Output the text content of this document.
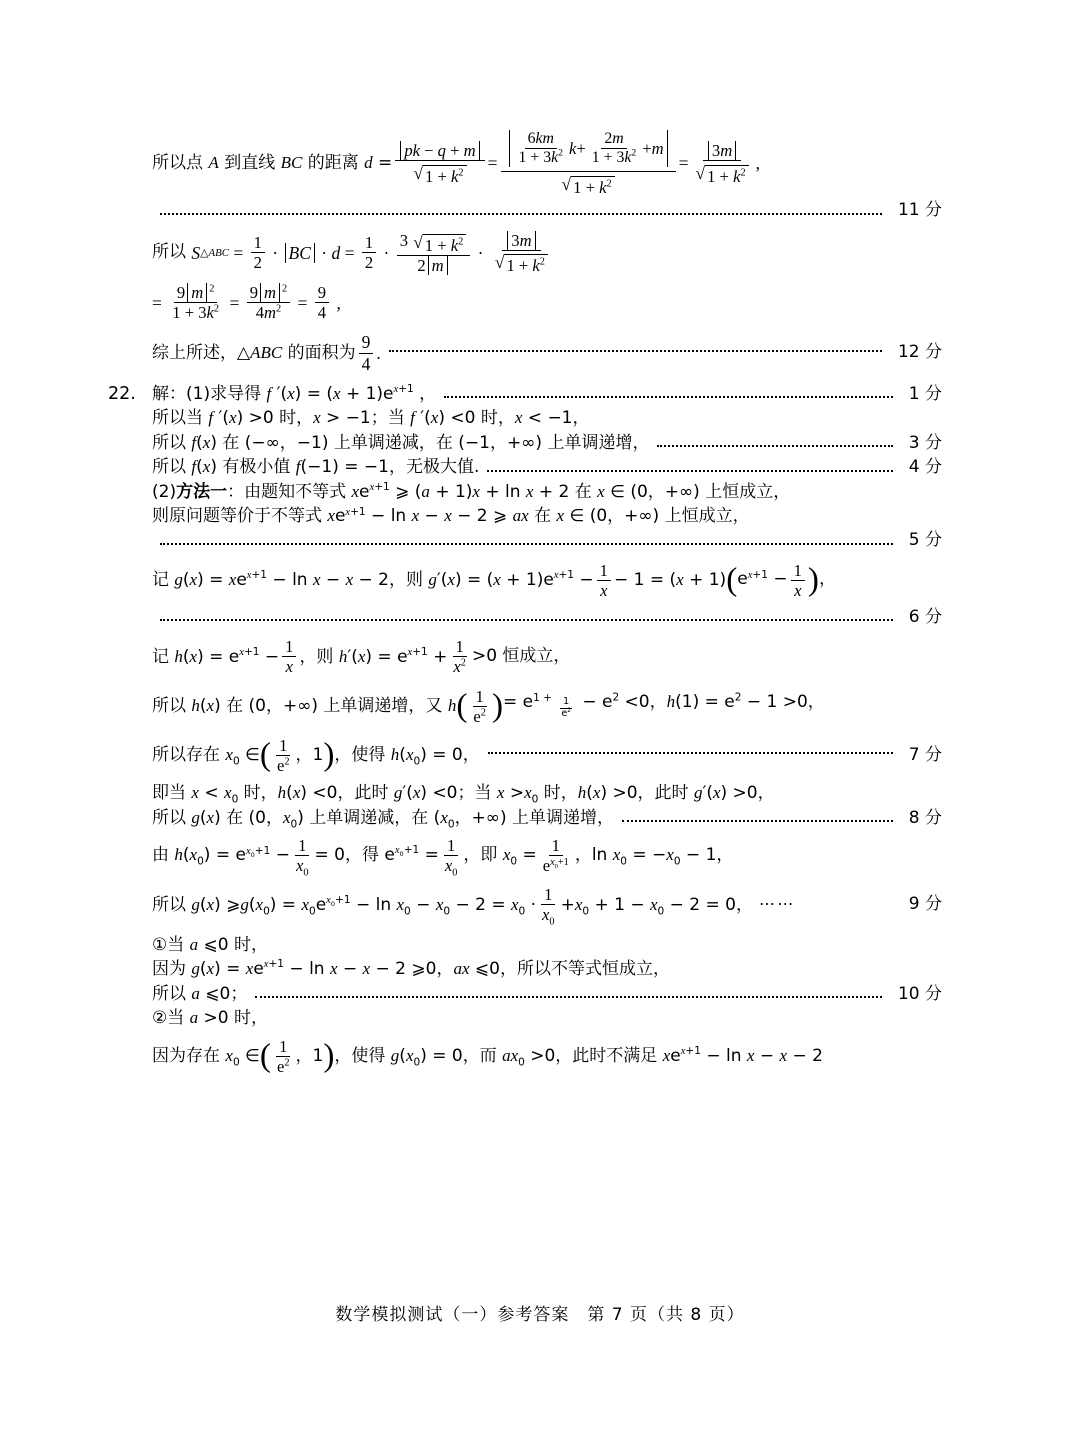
所以点 A 到直线 BC 的距离 $d = \frac{pk - q + m}{√ 1 + k^2} = \frac{\frac{6km}{1 + 3k^2} k + \frac{2m}{1 + 3k^2} + m}{√ 1 + k^2} = \frac{3m}{√ 1 + k^2}$ ,
11 分
所以 S △ABC = $\frac{1}{2}$ · BC · $d = \frac{1}{2} \cdot \frac{3 √ 1 + k^2}{2 m} \cdot \frac{3m}{√ 1 + k^2}$
= $\frac{9 m ^2}{1 + 3k^2} = \frac{9 m ^2}{4m^2} = \frac{9}{4}$ ,
综上所述，△ABC 的面积为 $\frac{9}{4}$ .	12 分
22. 解：(1)求导得 f $'(x) = (x + 1)e^{x+1}$ ，	1 分
所以当 f ′(x) >0 时，x > −1；当 f ′(x) <0 时，x < −1，
所以 f(x) 在 (−∞，−1) 上单调递减，在 (−1，+∞) 上单调递增，	3 分
所以 f(x) 有极小值 f(−1) = −1，无极大值.	4 分
(2)方法一：由题知不等式 $xe^{x+1}$ ⩾ (a + 1)x + ln x + 2 在 x ∈ (0，+∞) 上恒成立，
则原问题等价于不等式 $xe^{x+1} - \ln x - x - 2$ ⩾ ax 在 x ∈ (0，+∞) 上恒成立，
5 分
记 $g(x) = xe^{x+1} - \ln x - x - 2$，则 $g'(x) = (x + 1)e^{x+1} - \frac{1}{x} - 1 = (x + 1)$ ( $e^{x+1} - \frac{1}{x}$ ) ，
6 分
记 $h(x) = e^{x+1} - \frac{1}{x}$ ，则 $h'(x) = e^{x+1} + \frac{1}{x^2} >0$ 恒成立，
所以 h(x) 在 (0，+∞) 上单调递增，又 h ( $\frac{1}{e^2}$ ) = $e^{1 + \frac{1}{e^2}} - e^2 <0$，$h(1) = e^2 - 1 >0$，
所以存在 $x_0$ ∈ ( $\frac{1}{e^2}$ ，1 ) ，使得 $h(x_0) = 0$，	7 分
即当 $x < x_0$ 时，h(x) <0，此时 g′(x) <0；当 $x >x_0$ 时，h(x) >0，此时 g′(x) >0，
所以 g(x) 在 (0，$x_0$) 上单调递减，在 ($x_0$，+∞) 上单调递增，	8 分
由 $h(x_0) = e^{x_0+1} - \frac{1}{x_0} = 0$，得 $e^{x_0+1} = \frac{1}{x_0}$ ，即 $x_0 = \frac{1}{e^{x_0+1}}$ ，$\ln x_0 = -x_0 - 1$，
所以 g(x) $⩾g(x_0) = x_0e^{x_0+1} - \ln x_0 - x_0 - 2 = x_0 \cdot \frac{1}{x_0} +x_0 + 1 - x_0 - 2 = 0$， ⋯⋯	9 分
①当 a ⩽0 时，
因为 $g(x) = xe^{x+1} - \ln x - x - 2$ ⩾0，ax ⩽0，所以不等式恒成立，
所以 a ⩽0；	10 分
②当 a >0 时，
因为存在 $x_0$ ∈ ( $\frac{1}{e^2}$ ，1 ) ，使得 $g(x_0) = 0$，而 $ax_0 >0$，此时不满足 $xe^{x+1} - \ln x - x - 2$
数学模拟测试（一）参考答案　第 7 页（共 8 页）
